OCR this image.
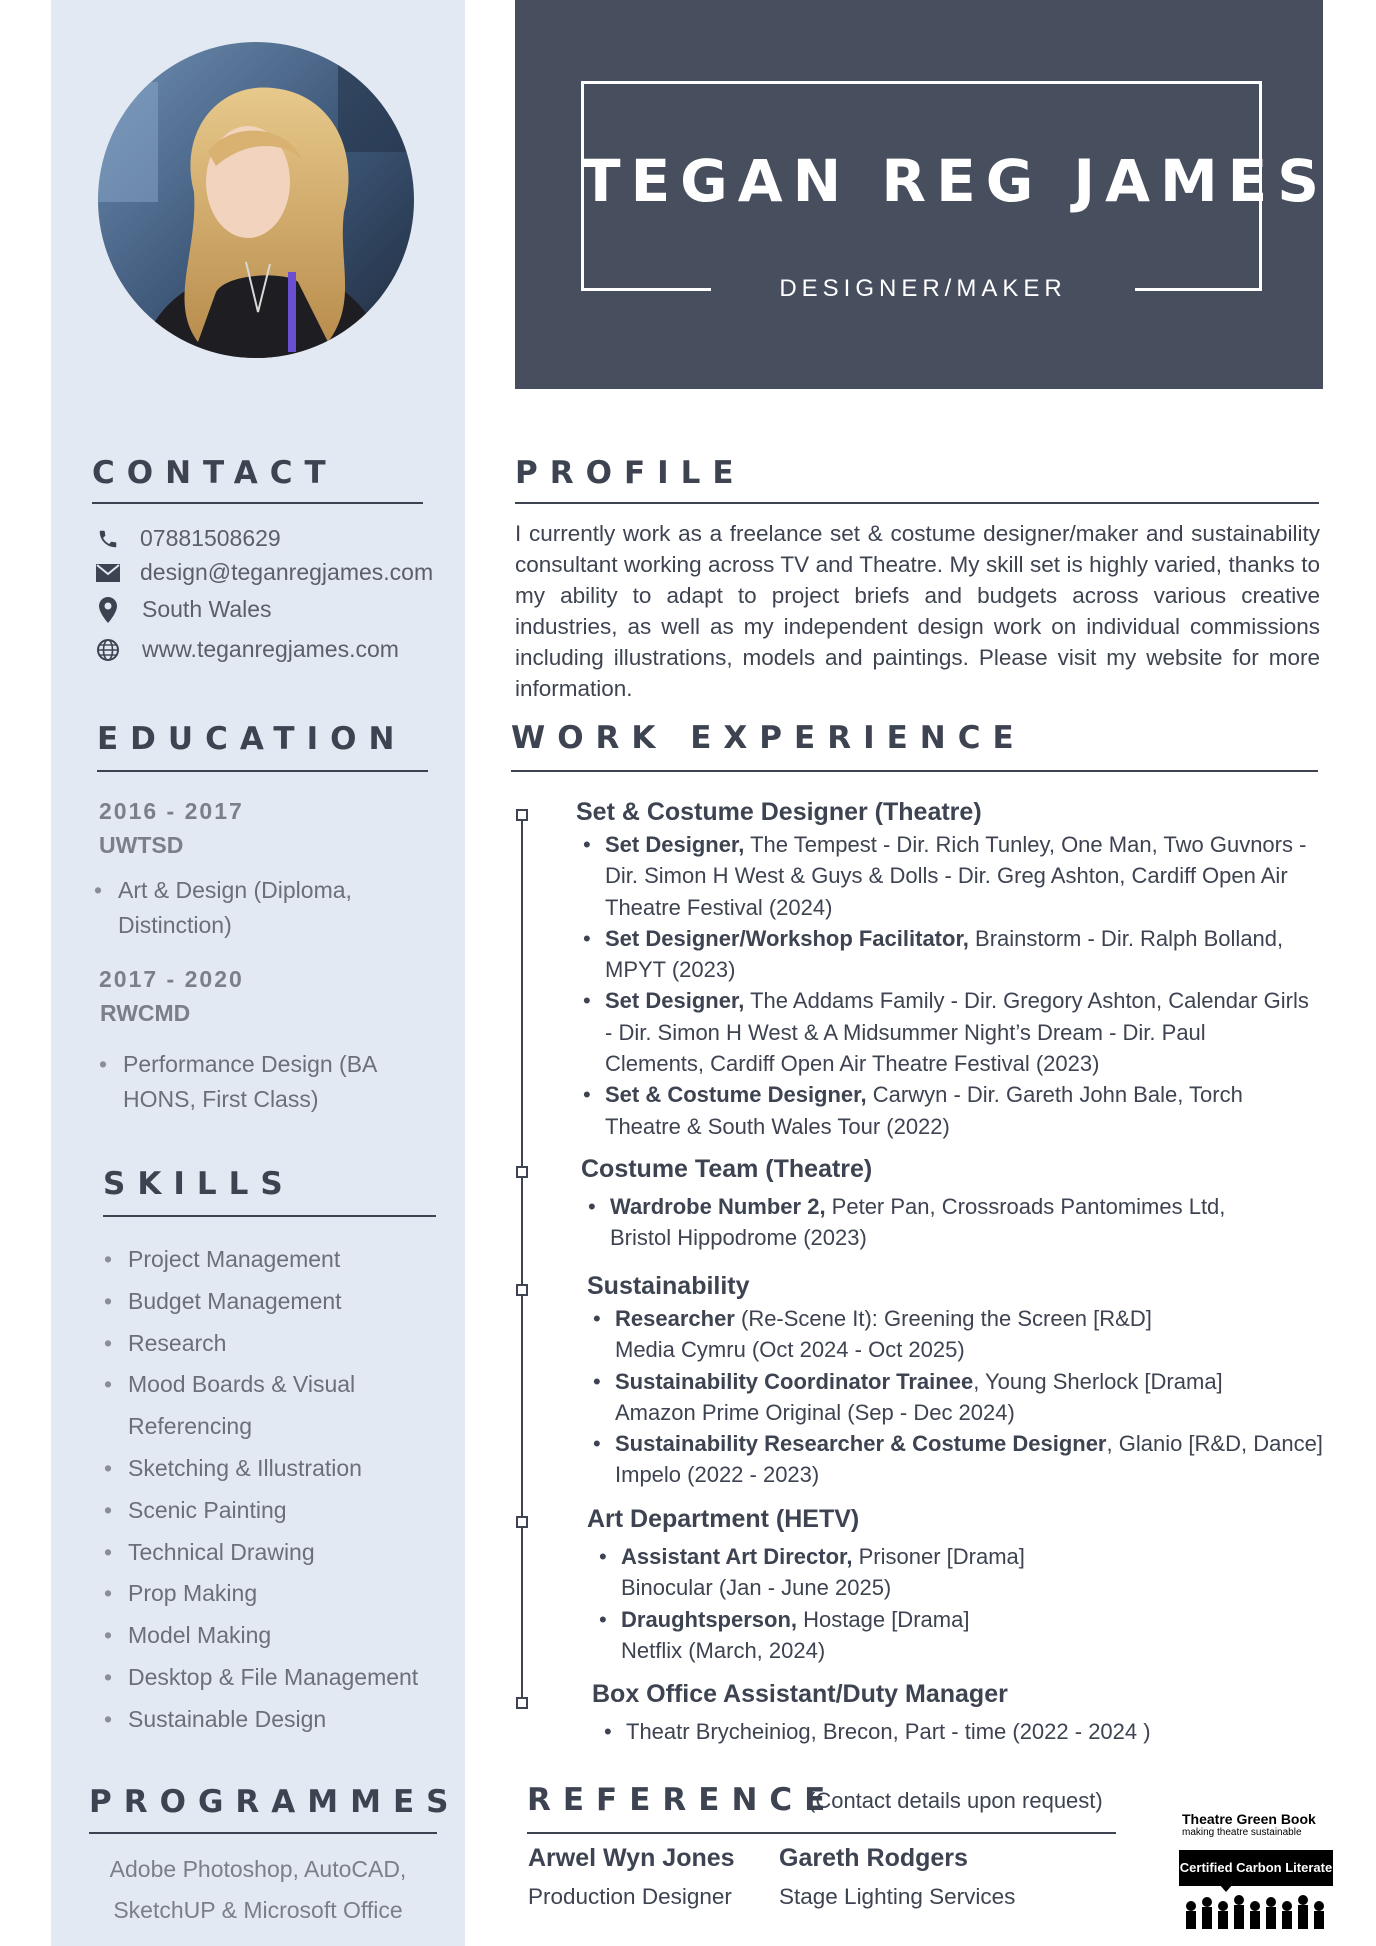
TEGAN REG JAMES
DESIGNER/MAKER
CONTACT
07881508629
design@teganregjames.com
South Wales
www.teganregjames.com
EDUCATION
2016 - 2017
UWTSD
• Art & Design (Diploma,
Distinction)
2017 - 2020
RWCMD
• Performance Design (BA
HONS, First Class)
SKILLS
• Project Management
• Budget Management
• Research
• Mood Boards & Visual
Referencing
• Sketching & Illustration
• Scenic Painting
• Technical Drawing
• Prop Making
• Model Making
• Desktop & File Management
• Sustainable Design
PROGRAMMES
Adobe Photoshop, AutoCAD,
SketchUP & Microsoft Office
PROFILE
I currently work as a freelance set & costume designer/maker and sustainability consultant working across TV and Theatre. My skill set is highly varied, thanks to my ability to adapt to project briefs and budgets across various creative industries, as well as my independent design work on individual commissions including illustrations, models and paintings. Please visit my website for more information.
WORK EXPERIENCE
Set & Costume Designer (Theatre)
• Set Designer, The Tempest - Dir. Rich Tunley, One Man, Two Guvnors -
Dir. Simon H West & Guys & Dolls - Dir. Greg Ashton, Cardiff Open Air
Theatre Festival (2024)
• Set Designer/Workshop Facilitator, Brainstorm - Dir. Ralph Bolland,
MPYT (2023)
• Set Designer, The Addams Family - Dir. Gregory Ashton, Calendar Girls
- Dir. Simon H West & A Midsummer Night’s Dream - Dir. Paul
Clements, Cardiff Open Air Theatre Festival (2023)
• Set & Costume Designer, Carwyn - Dir. Gareth John Bale, Torch
Theatre & South Wales Tour (2022)
Costume Team (Theatre)
• Wardrobe Number 2, Peter Pan, Crossroads Pantomimes Ltd,
Bristol Hippodrome (2023)
Sustainability
• Researcher (Re-Scene It): Greening the Screen [R&D]
Media Cymru (Oct 2024 - Oct 2025)
• Sustainability Coordinator Trainee, Young Sherlock [Drama]
Amazon Prime Original (Sep - Dec 2024)
• Sustainability Researcher & Costume Designer, Glanio [R&D, Dance]
Impelo (2022 - 2023)
Art Department (HETV)
• Assistant Art Director, Prisoner [Drama]
Binocular (Jan - June 2025)
• Draughtsperson, Hostage [Drama]
Netflix (March, 2024)
Box Office Assistant/Duty Manager
• Theatr Brycheiniog, Brecon, Part - time (2022 - 2024 )
REFERENCE
(Contact details upon request)
Arwel Wyn Jones
Production Designer
Gareth Rodgers
Stage Lighting Services
Theatre Green Book
making theatre sustainable
Certified Carbon Literate
